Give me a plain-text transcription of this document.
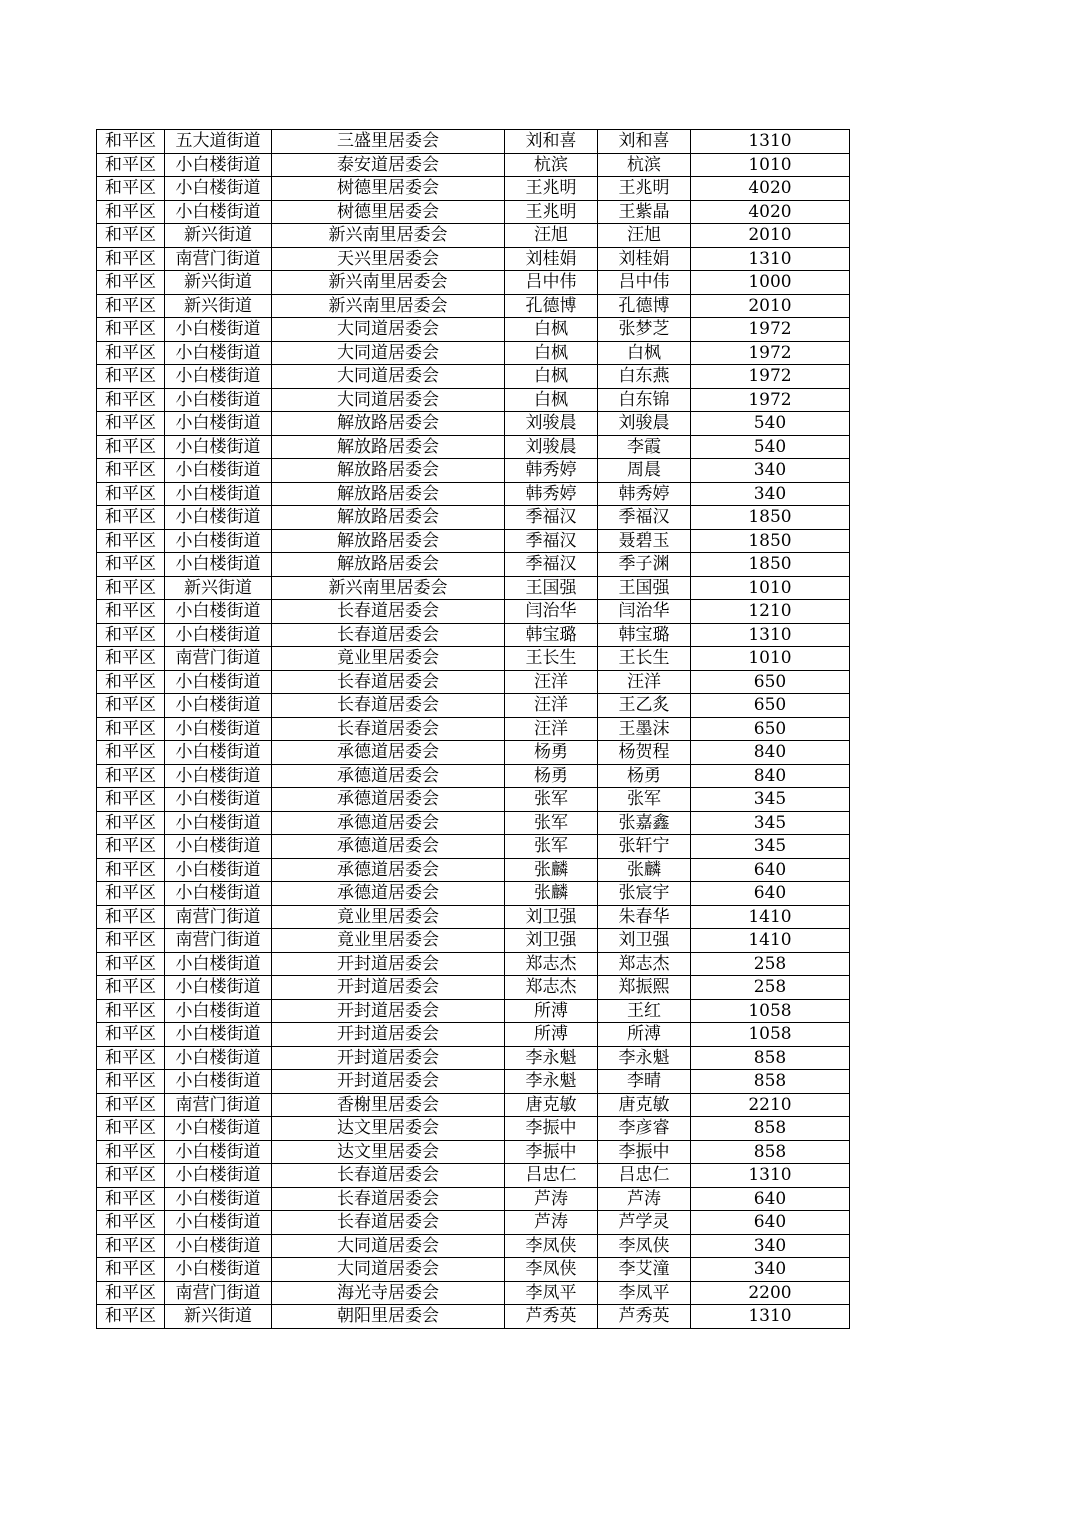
和平区	五大道街道	三盛里居委会	刘和喜	刘和喜	1310
和平区	小白楼街道	泰安道居委会	杭滨	杭滨	1010
和平区	小白楼街道	树德里居委会	王兆明	王兆明	4020
和平区	小白楼街道	树德里居委会	王兆明	王紫晶	4020
和平区	新兴街道	新兴南里居委会	汪旭	汪旭	2010
和平区	南营门街道	天兴里居委会	刘桂娟	刘桂娟	1310
和平区	新兴街道	新兴南里居委会	吕中伟	吕中伟	1000
和平区	新兴街道	新兴南里居委会	孔德博	孔德博	2010
和平区	小白楼街道	大同道居委会	白枫	张梦芝	1972
和平区	小白楼街道	大同道居委会	白枫	白枫	1972
和平区	小白楼街道	大同道居委会	白枫	白东燕	1972
和平区	小白楼街道	大同道居委会	白枫	白东锦	1972
和平区	小白楼街道	解放路居委会	刘骏晨	刘骏晨	540
和平区	小白楼街道	解放路居委会	刘骏晨	李霞	540
和平区	小白楼街道	解放路居委会	韩秀婷	周晨	340
和平区	小白楼街道	解放路居委会	韩秀婷	韩秀婷	340
和平区	小白楼街道	解放路居委会	季福汉	季福汉	1850
和平区	小白楼街道	解放路居委会	季福汉	聂碧玉	1850
和平区	小白楼街道	解放路居委会	季福汉	季子渊	1850
和平区	新兴街道	新兴南里居委会	王国强	王国强	1010
和平区	小白楼街道	长春道居委会	闫治华	闫治华	1210
和平区	小白楼街道	长春道居委会	韩宝璐	韩宝璐	1310
和平区	南营门街道	竟业里居委会	王长生	王长生	1010
和平区	小白楼街道	长春道居委会	汪洋	汪洋	650
和平区	小白楼街道	长春道居委会	汪洋	王乙炙	650
和平区	小白楼街道	长春道居委会	汪洋	王墨沫	650
和平区	小白楼街道	承德道居委会	杨勇	杨贺程	840
和平区	小白楼街道	承德道居委会	杨勇	杨勇	840
和平区	小白楼街道	承德道居委会	张军	张军	345
和平区	小白楼街道	承德道居委会	张军	张嘉鑫	345
和平区	小白楼街道	承德道居委会	张军	张轩宁	345
和平区	小白楼街道	承德道居委会	张麟	张麟	640
和平区	小白楼街道	承德道居委会	张麟	张宸宇	640
和平区	南营门街道	竟业里居委会	刘卫强	朱春华	1410
和平区	南营门街道	竟业里居委会	刘卫强	刘卫强	1410
和平区	小白楼街道	开封道居委会	郑志杰	郑志杰	258
和平区	小白楼街道	开封道居委会	郑志杰	郑振熙	258
和平区	小白楼街道	开封道居委会	所溥	王红	1058
和平区	小白楼街道	开封道居委会	所溥	所溥	1058
和平区	小白楼街道	开封道居委会	李永魁	李永魁	858
和平区	小白楼街道	开封道居委会	李永魁	李晴	858
和平区	南营门街道	香榭里居委会	唐克敏	唐克敏	2210
和平区	小白楼街道	达文里居委会	李振中	李彦睿	858
和平区	小白楼街道	达文里居委会	李振中	李振中	858
和平区	小白楼街道	长春道居委会	吕忠仁	吕忠仁	1310
和平区	小白楼街道	长春道居委会	芦涛	芦涛	640
和平区	小白楼街道	长春道居委会	芦涛	芦学灵	640
和平区	小白楼街道	大同道居委会	李凤侠	李凤侠	340
和平区	小白楼街道	大同道居委会	李凤侠	李艾潼	340
和平区	南营门街道	海光寺居委会	李凤平	李凤平	2200
和平区	新兴街道	朝阳里居委会	芦秀英	芦秀英	1310
